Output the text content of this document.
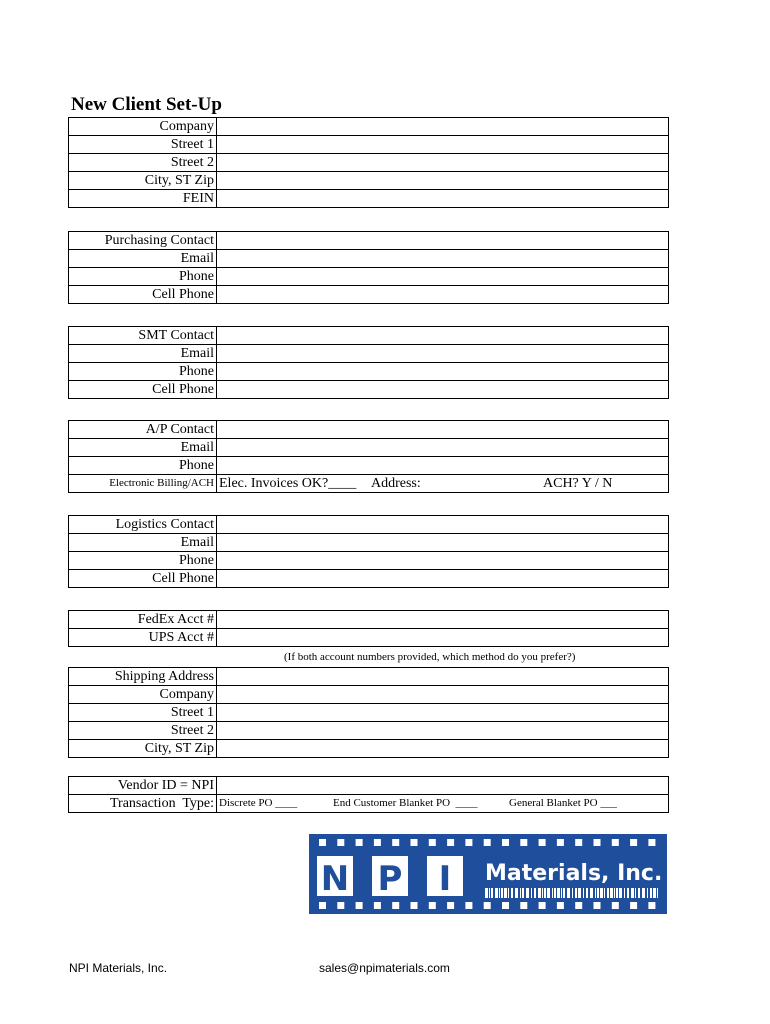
New Client Set-Up
Company	
Street 1	
Street 2	
City, ST Zip	
FEIN	
Purchasing Contact	
Email	
Phone	
Cell Phone	
SMT Contact	
Email	
Phone	
Cell Phone	
A/P Contact	
Email	
Phone	
Electronic Billing/ACH	Elec. Invoices OK?____ Address: ACH? Y / N
Logistics Contact	
Email	
Phone	
Cell Phone	
FedEx Acct #	
UPS Acct #	
(If both account numbers provided, which method do you prefer?)
Shipping Address	
Company	
Street 1	
Street 2	
City, ST Zip	
Vendor ID = NPI	
Transaction  Type:	Discrete PO ____ End Customer Blanket PO  ____ General Blanket PO ___
N P I Materials, Inc.
NPI Materials, Inc.	sales@npimaterials.com
